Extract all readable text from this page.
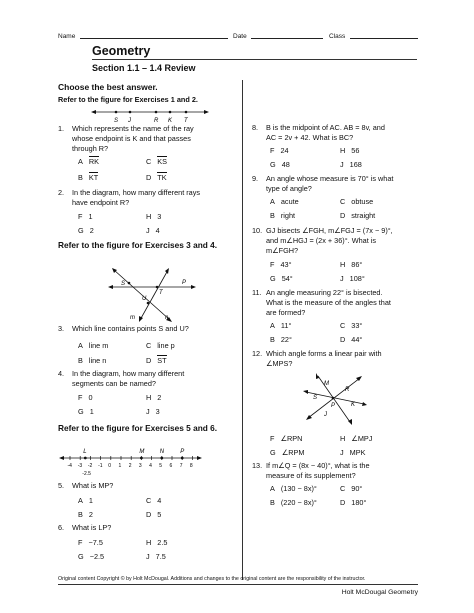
Name	Date	Class
Geometry
Section 1.1 – 1.4 Review
Choose the best answer.
Refer to the figure for Exercises 1 and 2.
S J	R K T
1. Which represents the name of the ray
whose endpoint is K and that passes
through R?
A RK	C KS
B KT	D TK
2. In the diagram, how many different rays
have endpoint R?
F 1	H 3
G 2	J 4
Refer to the figure for Exercises 3 and 4.
S
T
P
U
m	n
3. Which line contains points S and U?
A line m	C line p
B line n	D ST
4. In the diagram, how many different
segments can be named?
F 0	H 2
G 1	J 3
Refer to the figure for Exercises 5 and 6.
-4 -3 -2 -1 0 1 2 3 4 5 6 7 8
-2.5
L	M	N	P
5. What is MP?
A 1	C 4
B 2	D 5
6. What is LP?
F −7.5	H 2.5
G −2.5	J 7.5
8. B is the midpoint of AC. AB = 8v, and
AC = 2v + 42. What is BC?
F 24	H 56
G 48	J 168
9. An angle whose measure is 70° is what
type of angle?
A acute	C obtuse
B right	D straight
10. GJ bisects ∠FGH, m∠FGJ = (7x − 9)°,
and m∠HGJ = (2x + 36)°. What is
m∠FGH?
F 43°	H 86°
G 54°	J 108°
11. An angle measuring 22° is bisected.
What is the measure of the angles that
are formed?
A 11°	C 33°
B 22°	D 44°
12. Which angle forms a linear pair with
∠MPS?
M
R
S
P
J
K
F ∠RPN	H ∠MPJ
G ∠RPM	J MPK
13. If m∠Q = (8x − 40)°, what is the
measure of its supplement?
A (130 − 8x)°	C 90°
B (220 − 8x)°	D 180°
Original content Copyright © by Holt McDougal. Additions and changes to the original content are the responsibility of the instructor.
Holt McDougal Geometry
